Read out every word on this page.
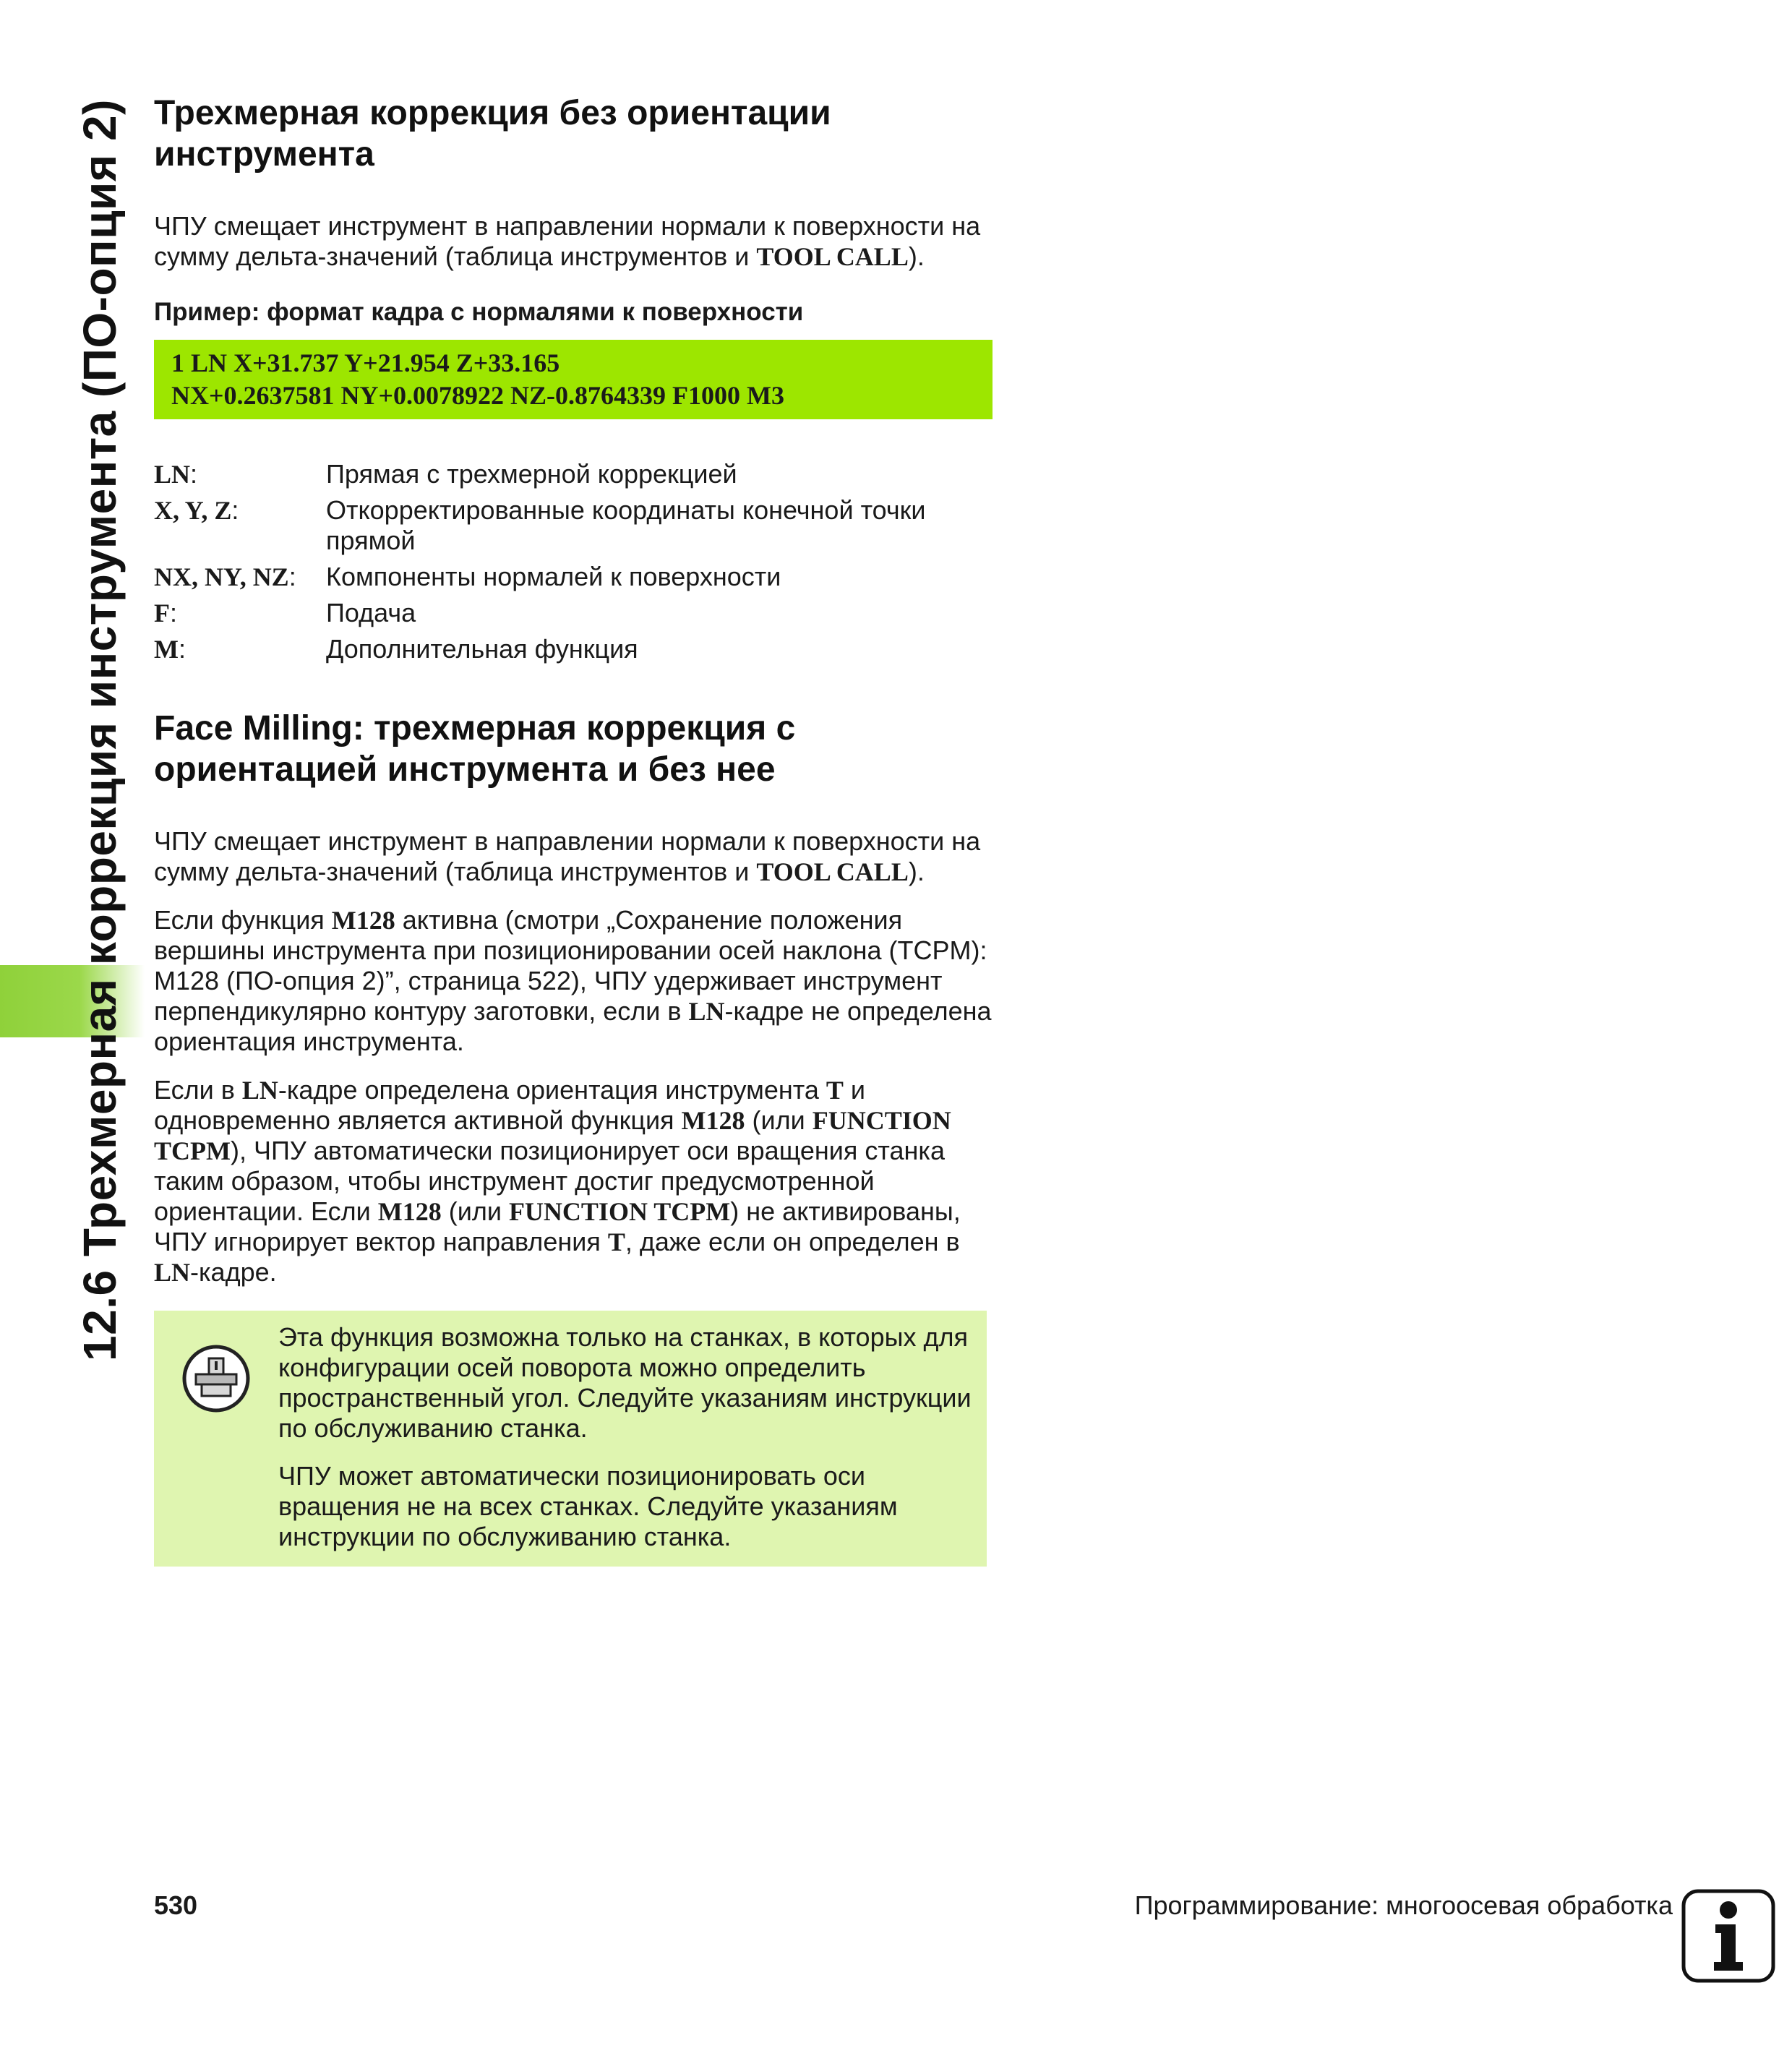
12.6 Трехмерная коррекция инструмента (ПО-опция 2) Трехмерная коррекция без ориентации
инструмента

ЧПУ смещает инструмент в направлении нормали к поверхности на сумму дельта-значений (таблица инструментов и TOOL CALL).

Пример: формат кадра с нормалями к поверхности
1 LN X+31.737 Y+21.954 Z+33.165
NX+0.2637581 NY+0.0078922 NZ-0.8764339 F1000 M3
LN:	Прямая с трехмерной коррекцией
X, Y, Z:	Откорректированные координаты конечной точки прямой
NX, NY, NZ:	Компоненты нормалей к поверхности
F:	Подача
M:	Дополнительная функция
Face Milling: трехмерная коррекция с
ориентацией инструмента и без нее

ЧПУ смещает инструмент в направлении нормали к поверхности на сумму дельта-значений (таблица инструментов и TOOL CALL).

Если функция M128 активна (смотри „Сохранение положения вершины инструмента при позиционировании осей наклона (TCPM): M128 (ПО-опция 2)”, страница 522), ЧПУ удерживает инструмент перпендикулярно контуру заготовки, если в LN-кадре не определена ориентация инструмента.

Если в LN-кадре определена ориентация инструмента T и одновременно является активной функция M128 (или FUNCTION TCPM), ЧПУ автоматически позиционирует оси вращения станка таким образом, чтобы инструмент достиг предусмотренной ориентации. Если M128 (или FUNCTION TCPM) не активированы, ЧПУ игнорирует вектор направления T, даже если он определен в LN-кадре.

Эта функция возможна только на станках, в которых для конфигурации осей поворота можно определить пространственный угол. Следуйте указаниям инструкции по обслуживанию станка.

ЧПУ может автоматически позиционировать оси вращения не на всех станках. Следуйте указаниям инструкции по обслуживанию станка.

530	Программирование: многоосевая обработка
